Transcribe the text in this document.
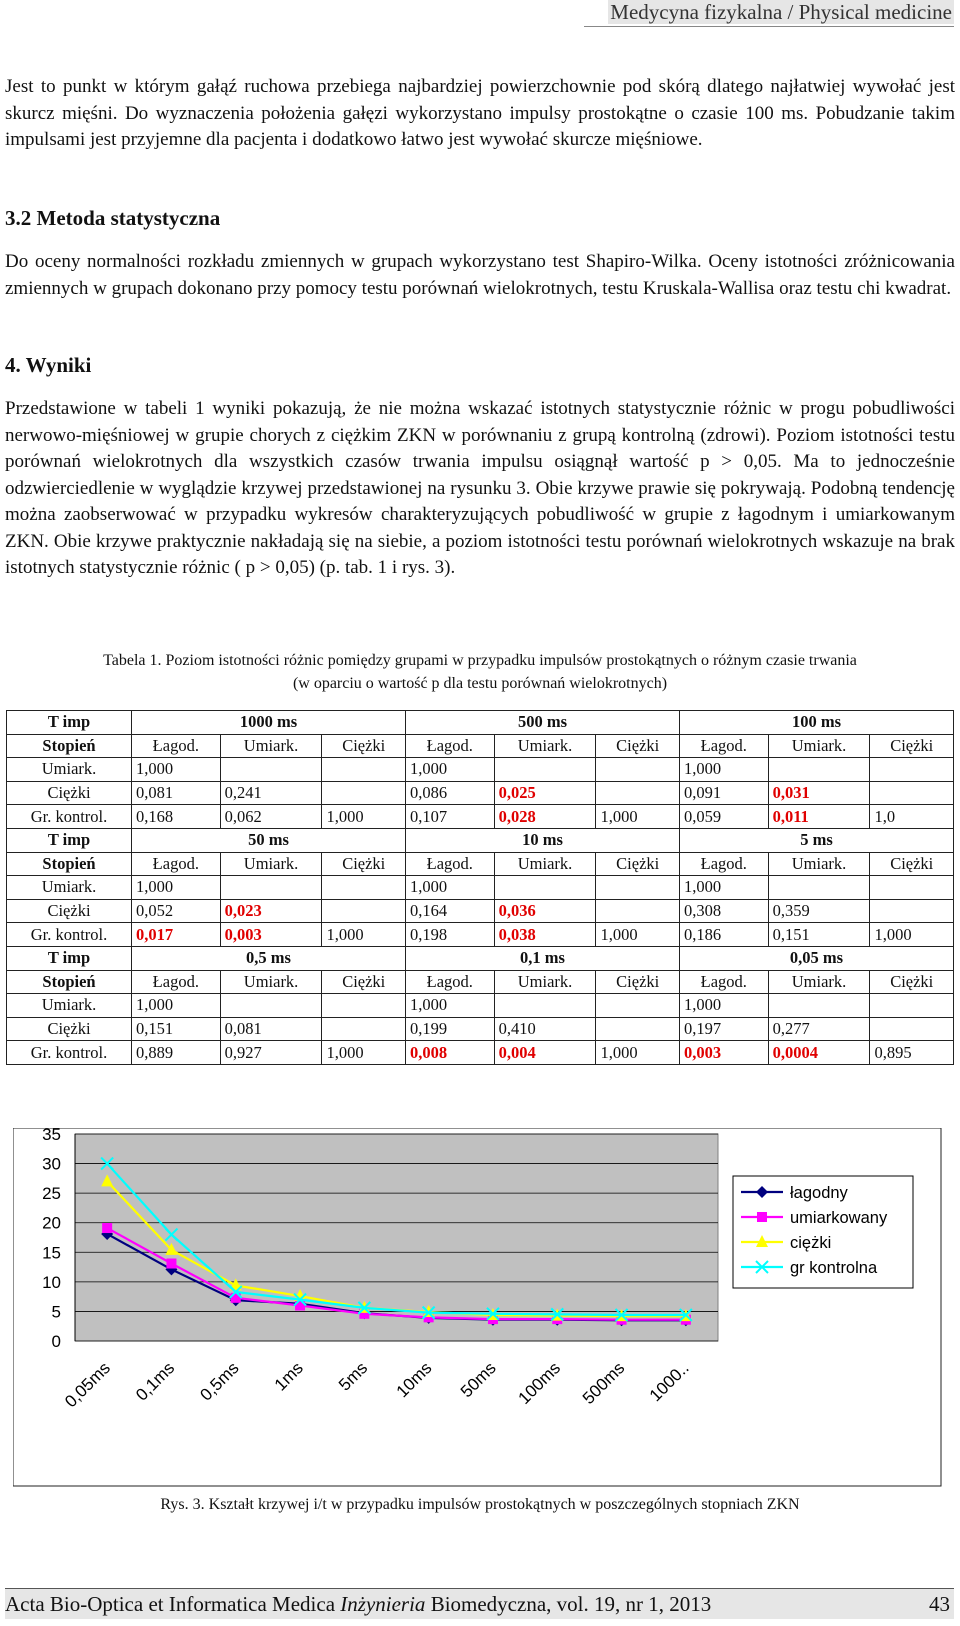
Medycyna fizykalna / Physical medicine

Jest to punkt w którym gałąź ruchowa przebiega najbardziej powierzchownie pod skórą dlatego najłatwiej wywołać jest skurcz mięśni. Do wyznaczenia położenia gałęzi wykorzystano impulsy prostokątne o czasie 100 ms. Pobudzanie takim impulsami jest przyjemne dla pacjenta i dodatkowo łatwo jest wywołać skurcze mięśniowe.

3.2 Metoda statystyczna

Do oceny normalności rozkładu zmiennych w grupach wykorzystano test Shapiro-Wilka. Oceny istotności zróżnicowania zmiennych w grupach dokonano przy pomocy testu porównań wielokrotnych, testu Kruskala-Wallisa oraz testu chi kwadrat.

4. Wyniki

Przedstawione w tabeli 1 wyniki pokazują, że nie można wskazać istotnych statystycznie różnic w progu pobudliwości nerwowo-mięśniowej w grupie chorych z ciężkim ZKN w porównaniu z grupą kontrolną (zdrowi). Poziom istotności testu porównań wielokrotnych dla wszystkich czasów trwania impulsu osiągnął wartość p > 0,05. Ma to jednocześnie odzwierciedlenie w wyglądzie krzywej przedstawionej na rysunku 3. Obie krzywe prawie się pokrywają. Podobną tendencję można zaobserwować w przypadku wykresów charakteryzujących pobudliwość w grupie z łagodnym i umiarkowanym ZKN. Obie krzywe praktycznie nakładają się na siebie, a poziom istotności testu porównań wielokrotnych wskazuje na brak istotnych statystycznie różnic ( p > 0,05) (p. tab. 1 i rys. 3).

Tabela 1. Poziom istotności różnic pomiędzy grupami w przypadku impulsów prostokątnych o różnym czasie trwania
(w oparciu o wartość p dla testu porównań wielokrotnych)
T imp	1000 ms			500 ms			100 ms		
Stopień	Łagod.	Umiark.	Ciężki	Łagod.	Umiark.	Ciężki	Łagod.	Umiark.	Ciężki
Umiark.	1,000			1,000			1,000		
Ciężki	0,081	0,241		0,086	0,025		0,091	0,031	
Gr. kontrol.	0,168	0,062	1,000	0,107	0,028	1,000	0,059	0,011	1,0
T imp	50 ms			10 ms			5 ms		
Stopień	Łagod.	Umiark.	Ciężki	Łagod.	Umiark.	Ciężki	Łagod.	Umiark.	Ciężki
Umiark.	1,000			1,000			1,000		
Ciężki	0,052	0,023		0,164	0,036		0,308	0,359	
Gr. kontrol.	0,017	0,003	1,000	0,198	0,038	1,000	0,186	0,151	1,000
T imp	0,5 ms			0,1 ms			0,05 ms		
Stopień	Łagod.	Umiark.	Ciężki	Łagod.	Umiark.	Ciężki	Łagod.	Umiark.	Ciężki
Umiark.	1,000			1,000			1,000		
Ciężki	0,151	0,081		0,199	0,410		0,197	0,277	
Gr. kontrol.	0,889	0,927	1,000	0,008	0,004	1,000	0,003	0,0004	0,895
0
5
10
15
20
25
30
35
0,05ms 0,1ms 0,5ms 1ms 5ms 10ms 50ms 100ms 500ms 1000..
łagodny
umiarkowany
ciężki
gr kontrolna
Rys. 3. Kształt krzywej i/t w przypadku impulsów prostokątnych w poszczególnych stopniach ZKN
Acta Bio-Optica et Informatica Medica Inżynieria Biomedyczna, vol. 19, nr 1, 2013	43
